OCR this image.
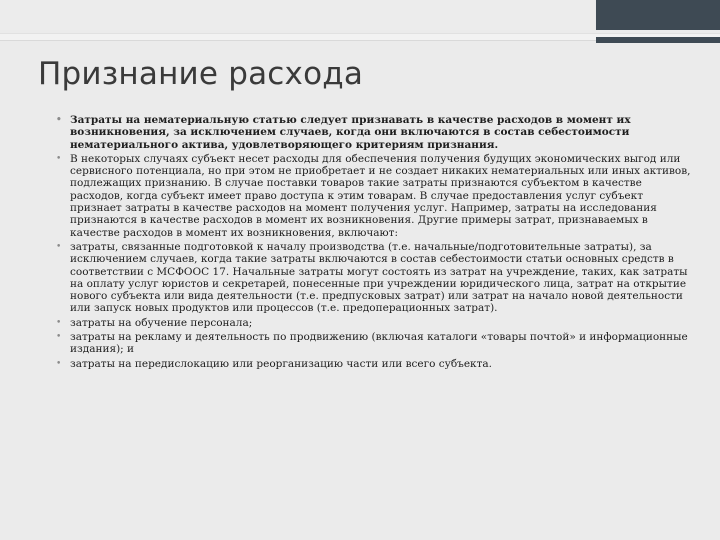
Признание расхода
• Затраты на нематериальную статью следует признавать в качестве расходов в момент их возникновения, за исключением случаев, когда они включаются в состав себестоимости нематериального актива, удовлетворяющего критериям признания.
• В некоторых случаях субъект несет расходы для обеспечения получения будущих экономических выгод или сервисного потенциала, но при этом не приобретает и не создает никаких нематериальных или иных активов, подлежащих признанию. В случае поставки товаров такие затраты признаются субъектом в качестве расходов, когда субъект имеет право доступа к этим товарам. В случае предоставления услуг субъект признает затраты в качестве расходов на момент получения услуг. Например, затраты на исследования признаются в качестве расходов в момент их возникновения. Другие примеры затрат, признаваемых в качестве расходов в момент их возникновения, включают:
• затраты, связанные подготовкой к началу производства (т.е. начальные/подготовительные затраты), за исключением случаев, когда такие затраты включаются в состав себестоимости статьи основных средств в соответствии с МСФООС 17. Начальные затраты могут состоять из затрат на учреждение, таких, как затраты на оплату услуг юристов и секретарей, понесенные при учреждении юридического лица, затрат на открытие нового субъекта или вида деятельности (т.е. предпусковых затрат) или затрат на начало новой деятельности или запуск новых продуктов или процессов (т.е. предоперационных затрат).
• затраты на обучение персонала;
• затраты на рекламу и деятельность по продвижению (включая каталоги «товары почтой» и информационные издания); и
• затраты на передислокацию или реорганизацию части или всего субъекта.
